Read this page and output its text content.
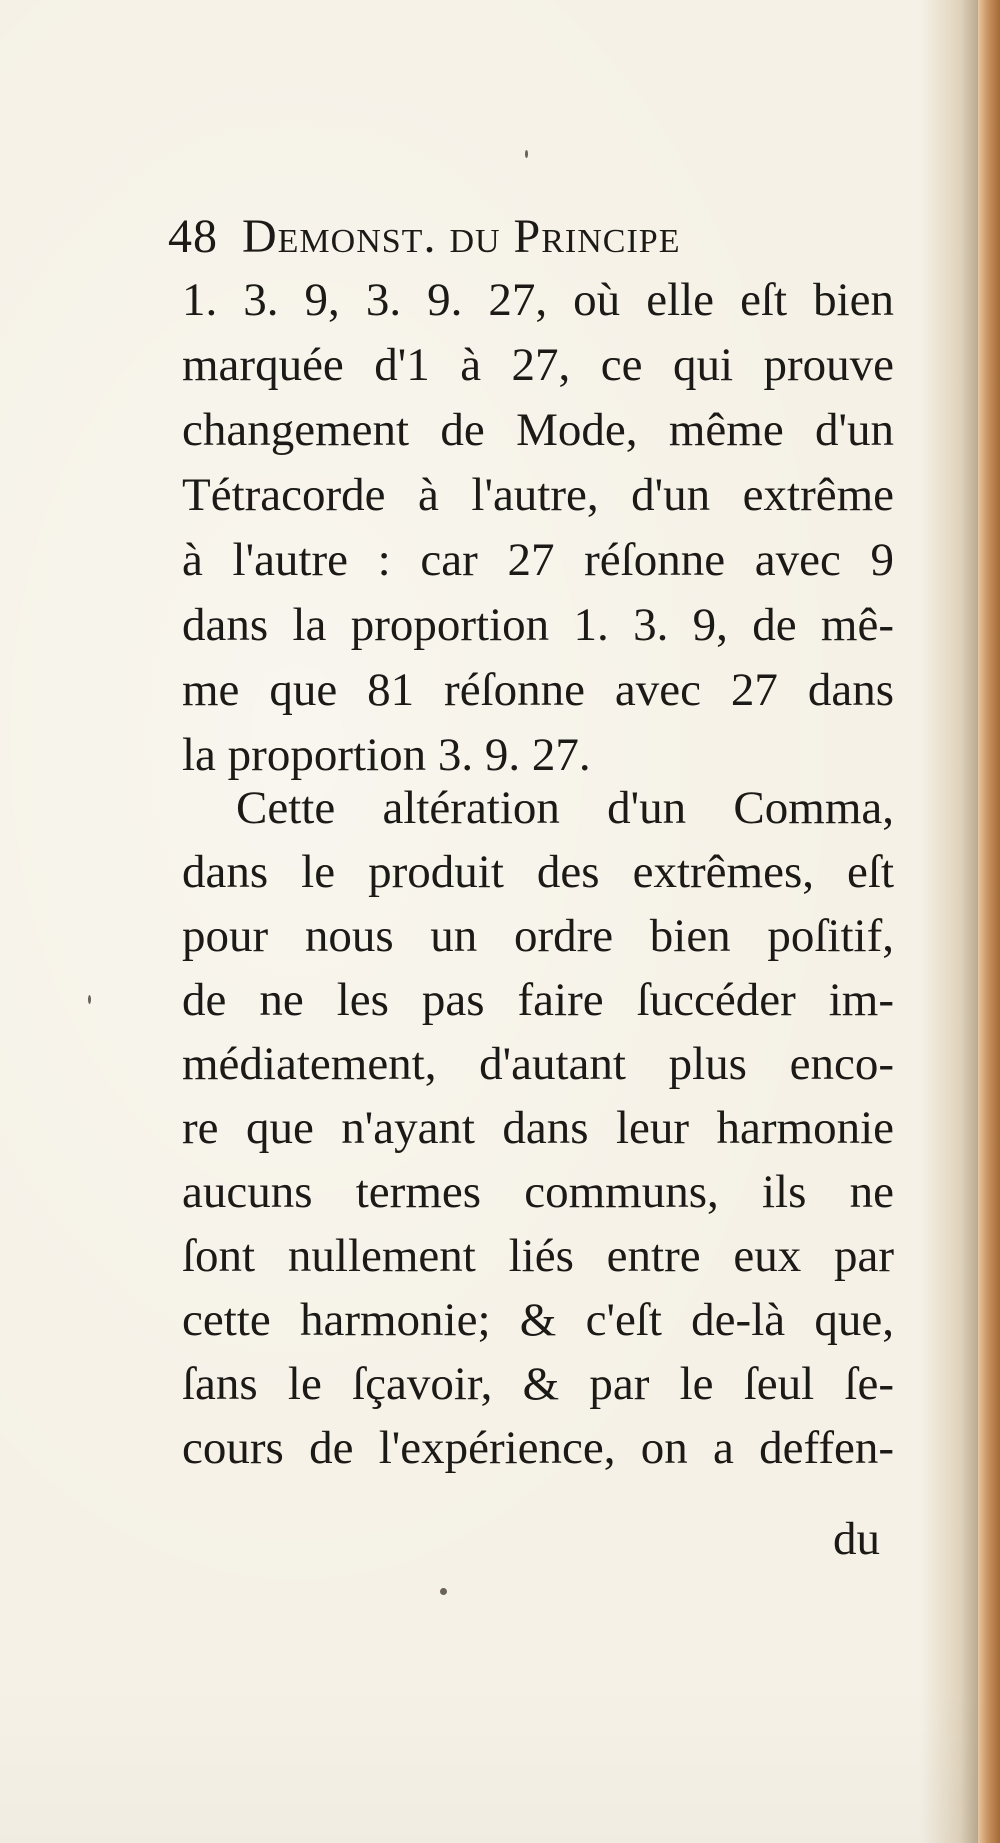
48 Demonst. du Principe

1. 3. 9, 3. 9. 27, où elle eſt bien

marquée d'1 à 27, ce qui prouve

changement de Mode, même d'un

Tétracorde à l'autre, d'un extrême

à l'autre : car 27 réſonne avec 9

dans la proportion 1. 3. 9, de mê-

me que 81 réſonne avec 27 dans

la proportion 3. 9. 27.

Cette altération d'un Comma,

dans le produit des extrêmes, eſt

pour nous un ordre bien poſitif,

de ne les pas faire ſuccéder im-

médiatement, d'autant plus enco-

re que n'ayant dans leur harmonie

aucuns termes communs, ils ne

ſont nullement liés entre eux par

cette harmonie; & c'eſt de-là que,

ſans le ſçavoir, & par le ſeul ſe-

cours de l'expérience, on a deffen-

du
